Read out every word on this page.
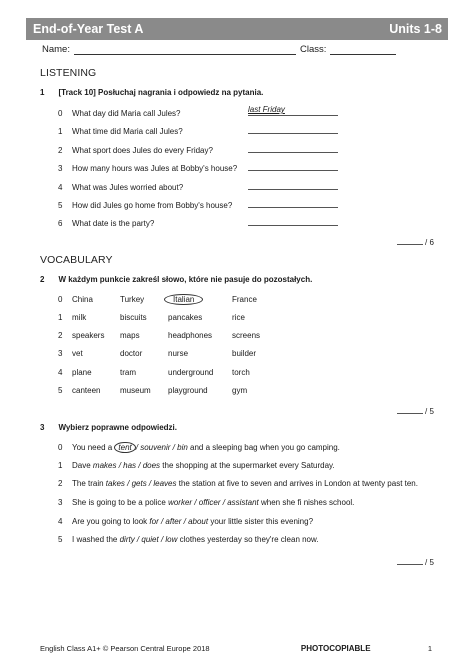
End-of-Year Test A	Units 1-8
Name:	Class:
LISTENING
1 [Track 10] Posłuchaj nagrania i odpowiedz na pytania.
0	What day did Maria call Jules?	last Friday
1	What time did Maria call Jules?
2	What sport does Jules do every Friday?
3	How many hours was Jules at Bobby's house?
4	What was Jules worried about?
5	How did Jules go home from Bobby's house?
6	What date is the party?
/ 6
VOCABULARY
2 W każdym punkcie zakreśl słowo, które nie pasuje do pozostałych.
0	China	Turkey	Italian	France
1	milk	biscuits	pancakes	rice
2	speakers	maps	headphones	screens
3	vet	doctor	nurse	builder
4	plane	tram	underground	torch
5	canteen	museum	playground	gym
/ 5
3 Wybierz poprawne odpowiedzi.
0	You need a tent / souvenir / bin and a sleeping bag when you go camping.
1	Dave makes / has / does the shopping at the supermarket every Saturday.
2	The train takes / gets / leaves the station at five to seven and arrives in London at twenty past ten.
3	She is going to be a police worker / officer / assistant when she fi nishes school.
4	Are you going to look for / after / about your little sister this evening?
5	I washed the dirty / quiet / low clothes yesterday so they're clean now.
/ 5
English Class A1+ © Pearson Central Europe 2018	PHOTOCOPIABLE	1
